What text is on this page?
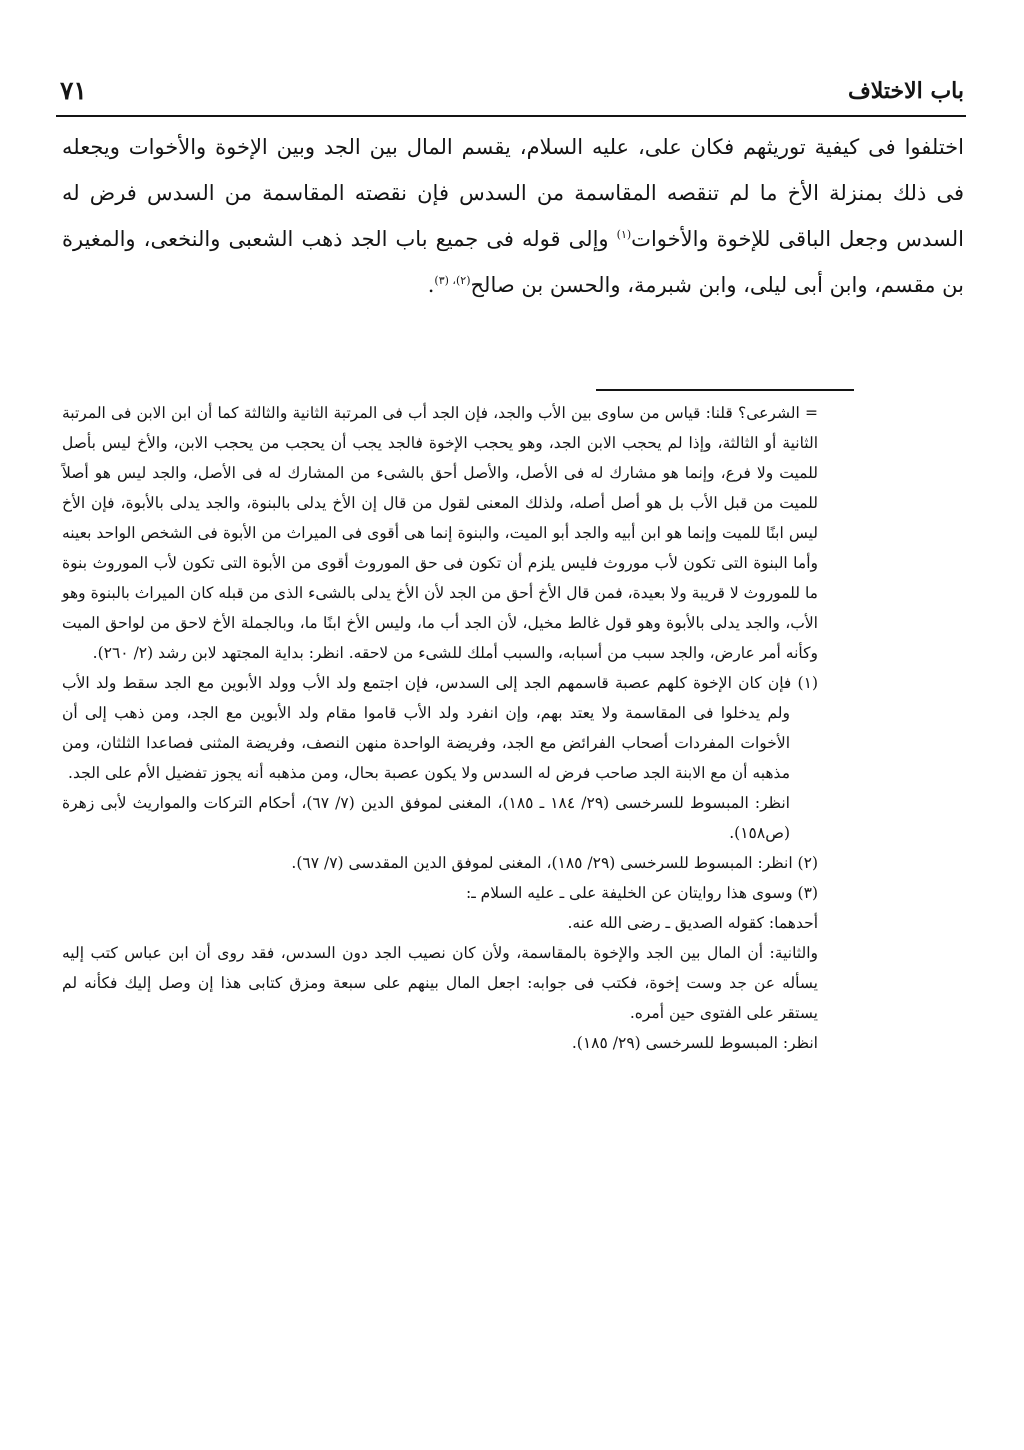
باب الاختلاف
٧١

اختلفوا فى كيفية توريثهم فكان على، عليه السلام، يقسم المال بين الجد وبين الإخوة والأخوات ويجعله فى ذلك بمنزلة الأخ ما لم تنقصه المقاسمة من السدس فإن نقصته المقاسمة من السدس فرض له السدس وجعل الباقى للإخوة والأخوات$^{(١)}$ وإلى قوله فى جميع باب الجد ذهب الشعبى والنخعى، والمغيرة بن مقسم، وابن أبى ليلى، وابن شبرمة، والحسن بن صالح$^{(٢)، (٣)}$.

= الشرعى؟ قلنا: قياس من ساوى بين الأب والجد، فإن الجد أب فى المرتبة الثانية والثالثة كما أن ابن الابن فى المرتبة الثانية أو الثالثة، وإذا لم يحجب الابن الجد، وهو يحجب الإخوة فالجد يجب أن يحجب من يحجب الابن، والأخ ليس بأصل للميت ولا فرع، وإنما هو مشارك له فى الأصل، والأصل أحق بالشىء من المشارك له فى الأصل، والجد ليس هو أصلاً للميت من قبل الأب بل هو أصل أصله، ولذلك المعنى لقول من قال إن الأخ يدلى بالبنوة، والجد يدلى بالأبوة، فإن الأخ ليس ابنًا للميت وإنما هو ابن أبيه والجد أبو الميت، والبنوة إنما هى أقوى فى الميراث من الأبوة فى الشخص الواحد بعينه وأما البنوة التى تكون لأب موروث فليس يلزم أن تكون فى حق الموروث أقوى من الأبوة التى تكون لأب الموروث بنوة ما للموروث لا قريبة ولا بعيدة، فمن قال الأخ أحق من الجد لأن الأخ يدلى بالشىء الذى من قبله كان الميراث بالبنوة وهو الأب، والجد يدلى بالأبوة وهو قول غالط مخيل، لأن الجد أب ما، وليس الأخ ابنًا ما، وبالجملة الأخ لاحق من لواحق الميت وكأنه أمر عارض، والجد سبب من أسبابه، والسبب أملك للشىء من لاحقه. انظر: بداية المجتهد لابن رشد (٢/ ٢٦٠).

(١) فإن كان الإخوة كلهم عصبة قاسمهم الجد إلى السدس، فإن اجتمع ولد الأب وولد الأبوين مع الجد سقط ولد الأب ولم يدخلوا فى المقاسمة ولا يعتد بهم، وإن انفرد ولد الأب قاموا مقام ولد الأبوين مع الجد، ومن ذهب إلى أن الأخوات المفردات أصحاب الفرائض مع الجد، وفريضة الواحدة منهن النصف، وفريضة المثنى فصاعدا الثلثان، ومن مذهبه أن مع الابنة الجد صاحب فرض له السدس ولا يكون عصبة بحال، ومن مذهبه أنه يجوز تفضيل الأم على الجد.

انظر: المبسوط للسرخسى (٢٩/ ١٨٤ ـ ١٨٥)، المغنى لموفق الدين (٧/ ٦٧)، أحكام التركات والمواريث لأبى زهرة (ص١٥٨).

(٢) انظر: المبسوط للسرخسى (٢٩/ ١٨٥)، المغنى لموفق الدين المقدسى (٧/ ٦٧).

(٣) وسوى هذا روايتان عن الخليفة على ـ عليه السلام ـ:

أحدهما: كقوله الصديق ـ رضى الله عنه.

والثانية: أن المال بين الجد والإخوة بالمقاسمة، ولأن كان نصيب الجد دون السدس، فقد روى أن ابن عباس كتب إليه يسأله عن جد وست إخوة، فكتب فى جوابه: اجعل المال بينهم على سبعة ومزق كتابى هذا إن وصل إليك فكأنه لم يستقر على الفتوى حين أمره.

انظر: المبسوط للسرخسى (٢٩/ ١٨٥).
